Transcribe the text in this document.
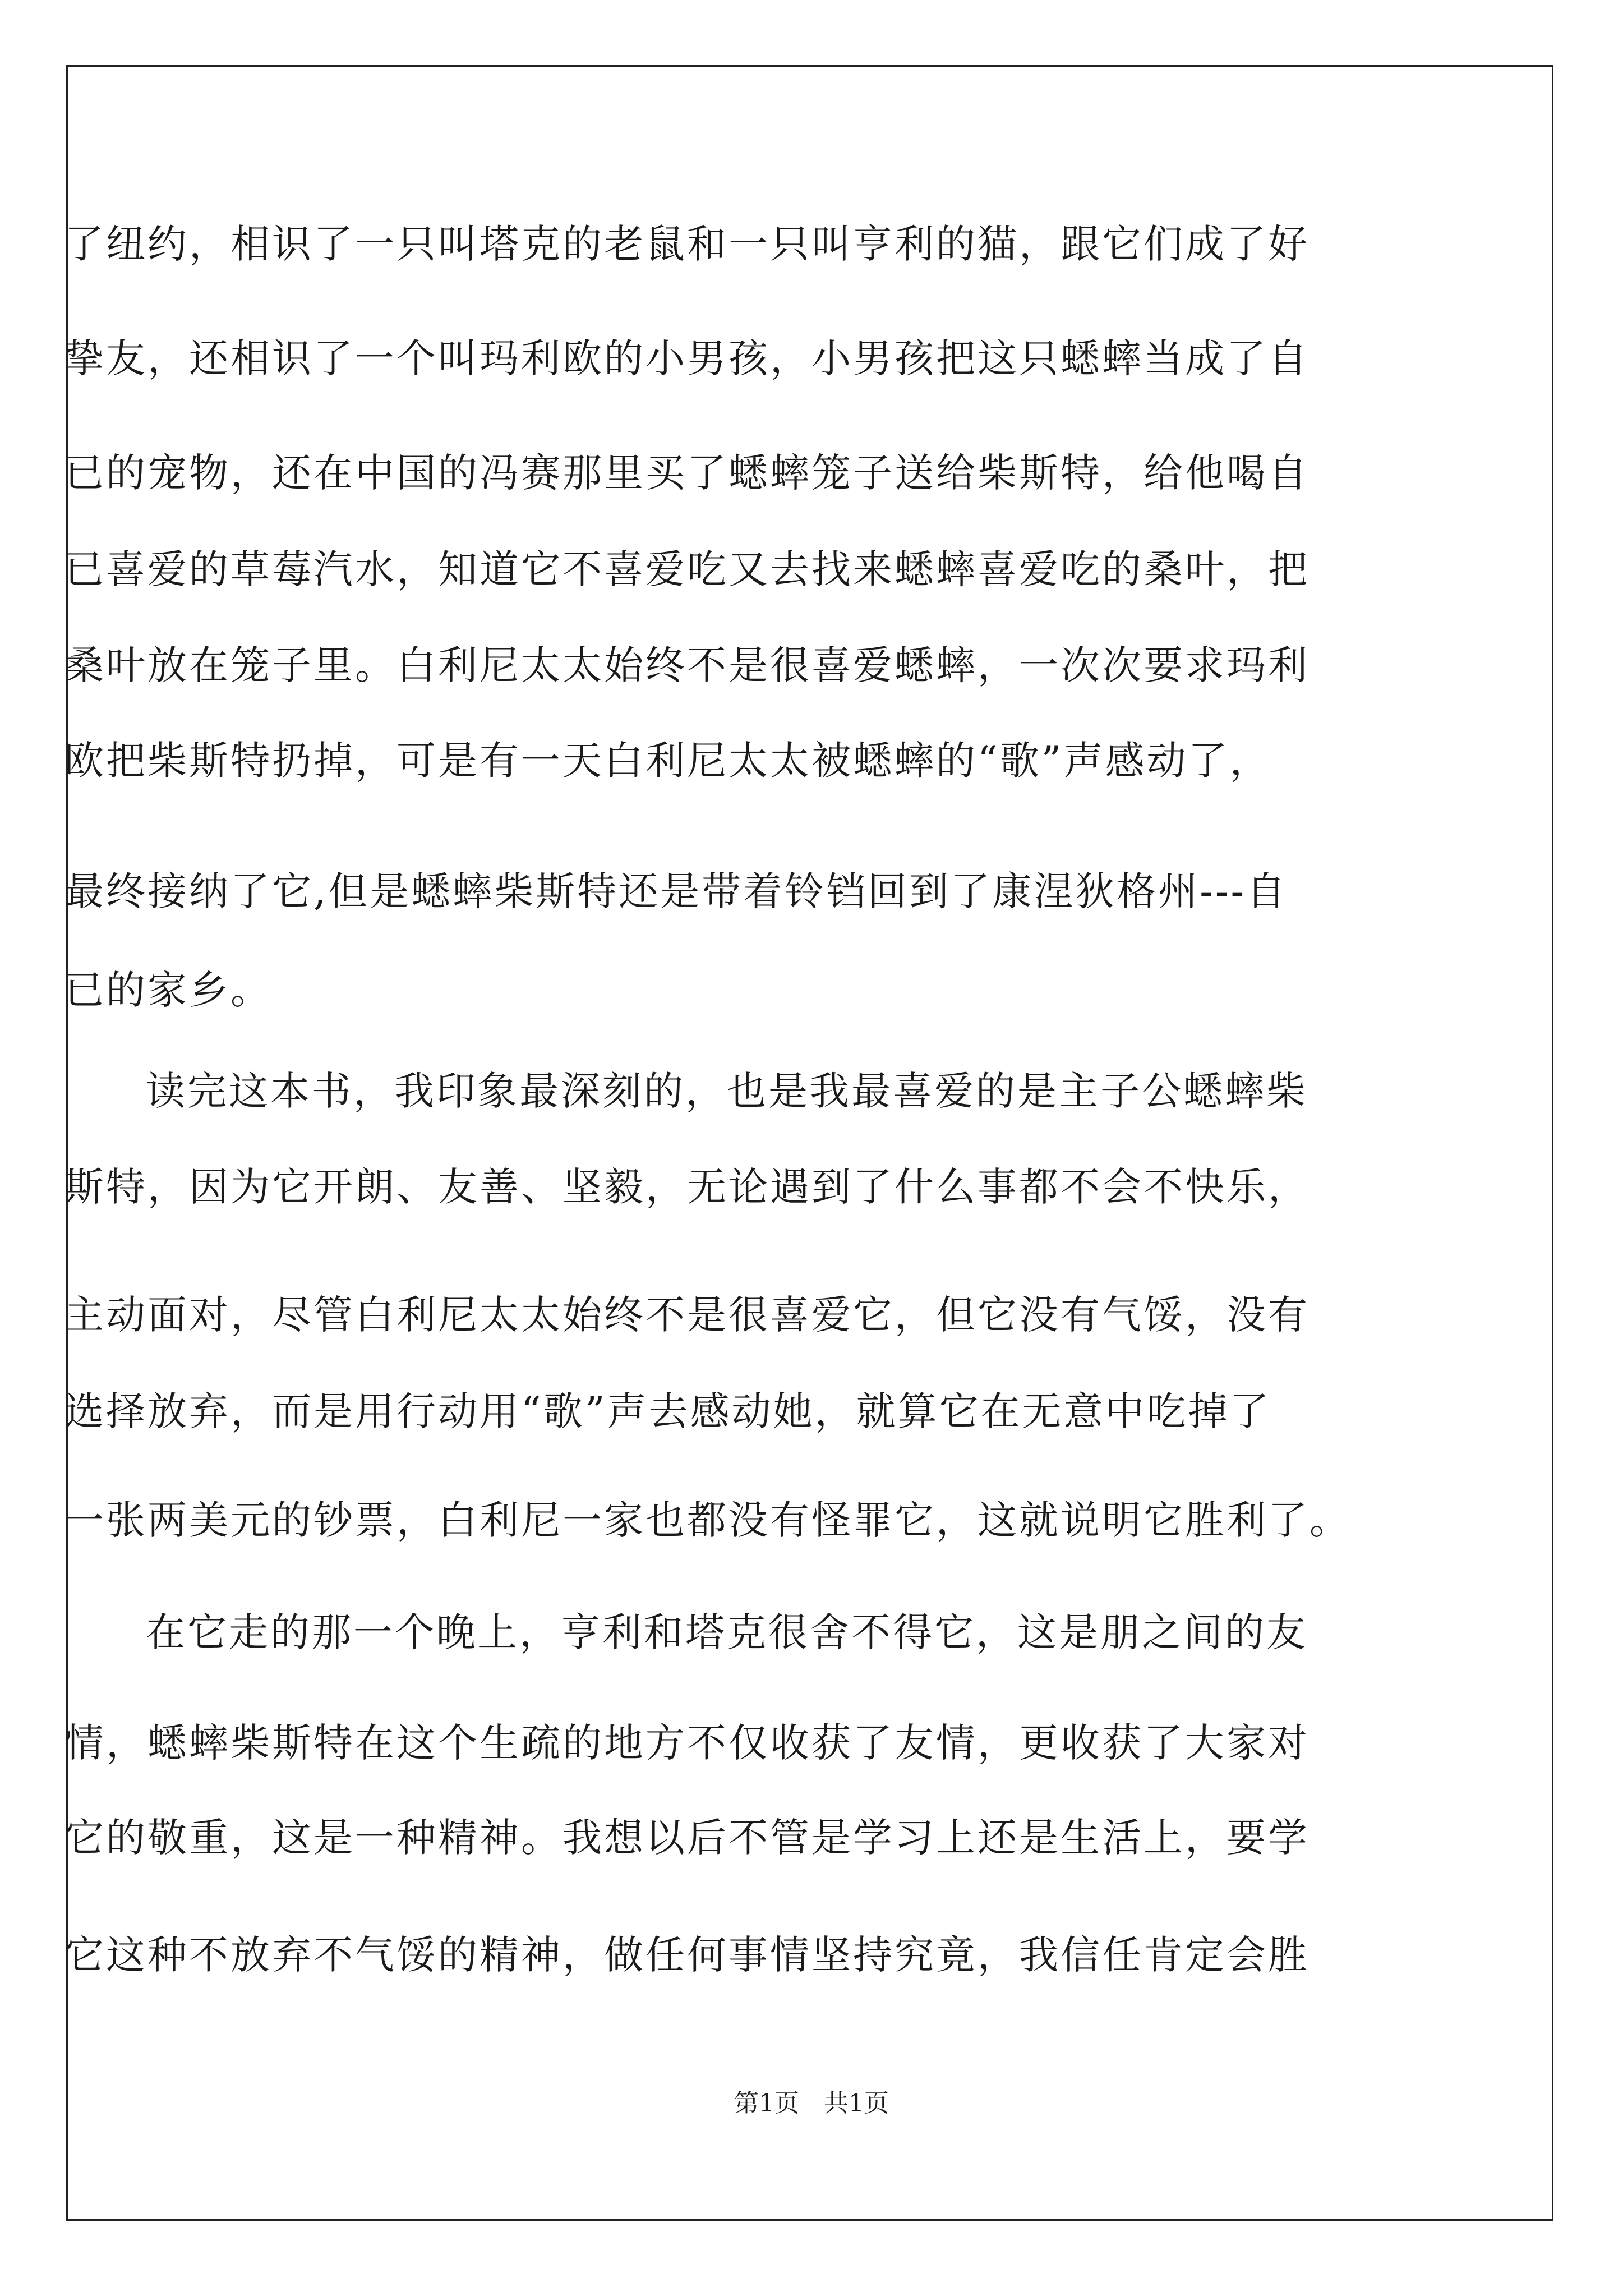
了纽约，相识了一只叫塔克的老鼠和一只叫亨利的猫，跟它们成了好
挚友，还相识了一个叫玛利欧的小男孩，小男孩把这只蟋蟀当成了自
已的宠物，还在中国的冯赛那里买了蟋蟀笼子送给柴斯特，给他喝自
已喜爱的草莓汽水，知道它不喜爱吃又去找来蟋蟀喜爱吃的桑叶，把
桑叶放在笼子里。白利尼太太始终不是很喜爱蟋蟀，一次次要求玛利
欧把柴斯特扔掉，可是有一天白利尼太太被蟋蟀的“歌”声感动了，
最终接纳了它,但是蟋蟀柴斯特还是带着铃铛回到了康涅狄格州---自
已的家乡。
读完这本书，我印象最深刻的，也是我最喜爱的是主子公蟋蟀柴
斯特，因为它开朗、友善、坚毅，无论遇到了什么事都不会不快乐，
主动面对，尽管白利尼太太始终不是很喜爱它，但它没有气馁，没有
选择放弃，而是用行动用“歌”声去感动她，就算它在无意中吃掉了
一张两美元的钞票，白利尼一家也都没有怪罪它，这就说明它胜利了。
在它走的那一个晚上，亨利和塔克很舍不得它，这是朋之间的友
情，蟋蟀柴斯特在这个生疏的地方不仅收获了友情，更收获了大家对
它的敬重，这是一种精神。我想以后不管是学习上还是生活上，要学
它这种不放弃不气馁的精神，做任何事情坚持究竟，我信任肯定会胜
第1页 共1页
